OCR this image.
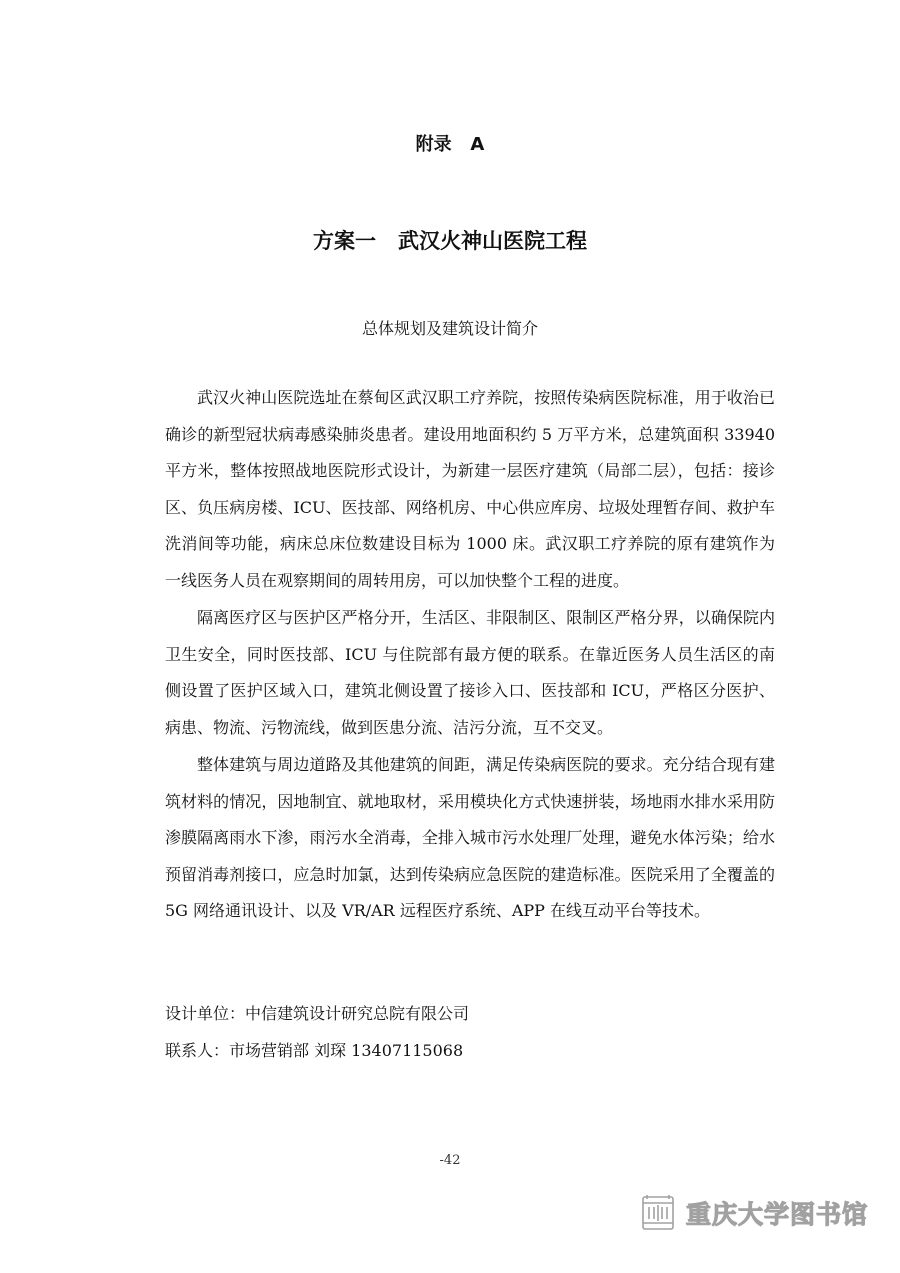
附录   A
方案一   武汉火神山医院工程
总体规划及建筑设计简介

武汉火神山医院选址在蔡甸区武汉职工疗养院，按照传染病医院标准，用于收治已确诊的新型冠状病毒感染肺炎患者。建设用地面积约 5 万平方米，总建筑面积 33940 平方米，整体按照战地医院形式设计，为新建一层医疗建筑（局部二层），包括：接诊区、负压病房楼、ICU、医技部、网络机房、中心供应库房、垃圾处理暂存间、救护车洗消间等功能，病床总床位数建设目标为 1000 床。武汉职工疗养院的原有建筑作为一线医务人员在观察期间的周转用房，可以加快整个工程的进度。

隔离医疗区与医护区严格分开，生活区、非限制区、限制区严格分界，以确保院内卫生安全，同时医技部、ICU 与住院部有最方便的联系。在靠近医务人员生活区的南侧设置了医护区域入口，建筑北侧设置了接诊入口、医技部和 ICU，严格区分医护、病患、物流、污物流线，做到医患分流、洁污分流，互不交叉。

整体建筑与周边道路及其他建筑的间距，满足传染病医院的要求。充分结合现有建筑材料的情况，因地制宜、就地取材，采用模块化方式快速拼装，场地雨水排水采用防渗膜隔离雨水下渗，雨污水全消毒，全排入城市污水处理厂处理，避免水体污染；给水预留消毒剂接口，应急时加氯，达到传染病应急医院的建造标准。医院采用了全覆盖的 5G 网络通讯设计、以及 VR/AR 远程医疗系统、APP 在线互动平台等技术。

设计单位：中信建筑设计研究总院有限公司
联系人：市场营销部 刘琛 13407115068
-42
重庆大学图书馆
